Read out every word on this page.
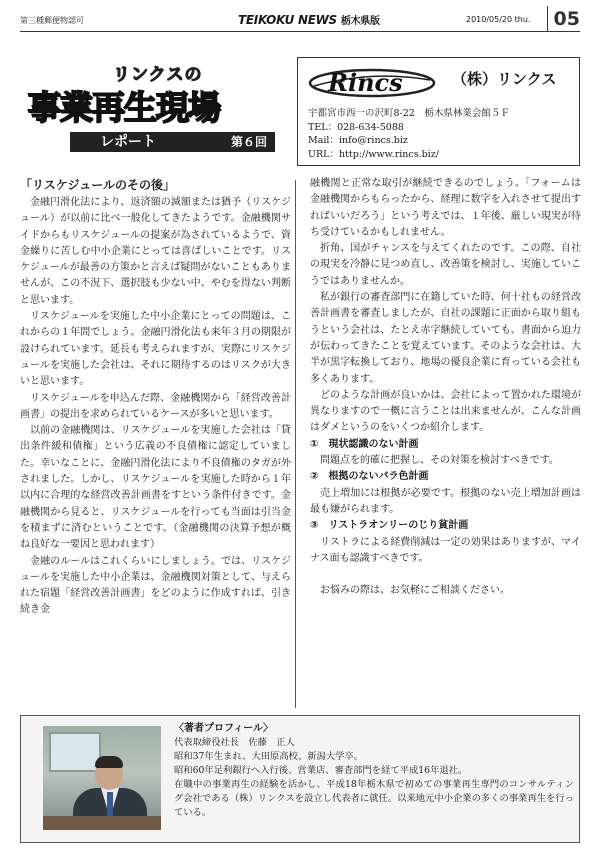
第三種郵便物認可	TEIKOKU NEWS 栃木県版	2010/05/20 thu.	05
リンクスの
事業再生現場
レポート	第６回
Rincs	（株）リンクス
宇都宮市西一の沢町8-22　栃木県林業会館５Ｆ
TEL：028-634-5088
Mail：info@rincs.biz
URL：http://www.rincs.biz/
「リスケジュールのその後」

金融円滑化法により、返済額の減額または猶予（リスケジュール）が以前に比べ一般化してきたようです。金融機関サイドからもリスケジュールの提案が為されているようで、資金繰りに苦しむ中小企業にとっては喜ばしいことです。リスケジュールが最善の方策かと言えば疑問がないこともありませんが、この不況下、選択肢も少ない中、やむを得ない判断と思います。

リスケジュールを実施した中小企業にとっての問題は、これからの１年間でしょう。金融円滑化法も来年３月の期限が設けられています。延長も考えられますが、実際にリスケジュールを実施した会社は、それに期待するのはリスクが大きいと思います。

リスケジュールを申込んだ際、金融機関から「経営改善計画書」の提出を求められているケースが多いと思います。

以前の金融機関は、リスケジュールを実施した会社は「貸出条件緩和債権」という広義の不良債権に認定していました。幸いなことに、金融円滑化法により不良債権のタガが外されました。しかし、リスケジュールを実施した時から１年以内に合理的な経営改善計画書をすという条件付きです。金融機関から見ると、リスケジュールを行っても当面は引当金を積まずに済むということです。（金融機関の決算予想が概ね良好な一要因と思われます）

金融のルールはこれくらいにしましょう。では、リスケジュールを実施した中小企業は、金融機関対策として、与えられた宿題「経営改善計画書」をどのように作成すれば、引き続き金

融機関と正常な取引が継続できるのでしょう。「フォームは金融機関からもらったから、経理に数字を入れさせて提出すればいいだろう」という考えでは、１年後、厳しい現実が待ち受けているかもしれません。

折角、国がチャンスを与えてくれたのです。この際、自社の現実を冷静に見つめ直し、改善策を検討し、実施していこうではありませんか。

私が銀行の審査部門に在籍していた時、何十社もの経営改善計画書を審査しましたが、自社の課題に正面から取り組もうという会社は、たとえ赤字継続していても、書面から迫力が伝わってきたことを覚えています。そのような会社は、大半が黒字転換しており、地場の優良企業に育っている会社も多くあります。

どのような計画が良いかは、会社によって置かれた環境が異なりますので一概に言うことは出来ませんが、こんな計画はダメというのをいくつか紹介します。

①　現状認識のない計画

問題点を的確に把握し、その対策を検討すべきです。

②　根拠のないバラ色計画

売上増加には根拠が必要です。根拠のない売上増加計画は最も嫌がられます。

③　リストラオンリーのじり貧計画

リストラによる経費削減は一定の効果はありますが、マイナス面も認識すべきです。

お悩みの際は、お気軽にご相談ください。

〈著者プロフィール〉
代表取締役社長　佐藤　正人
昭和37年生まれ、大田原高校、新潟大学卒。
昭和60年足利銀行へ入行後、営業店、審査部門を経て平成16年退社。
在職中の事業再生の経験を活かし、平成18年栃木県で初めての事業再生専門のコンサルティング会社である（株）リンクスを設立し代表者に就任。以来地元中小企業の多くの事業再生を行っている。
